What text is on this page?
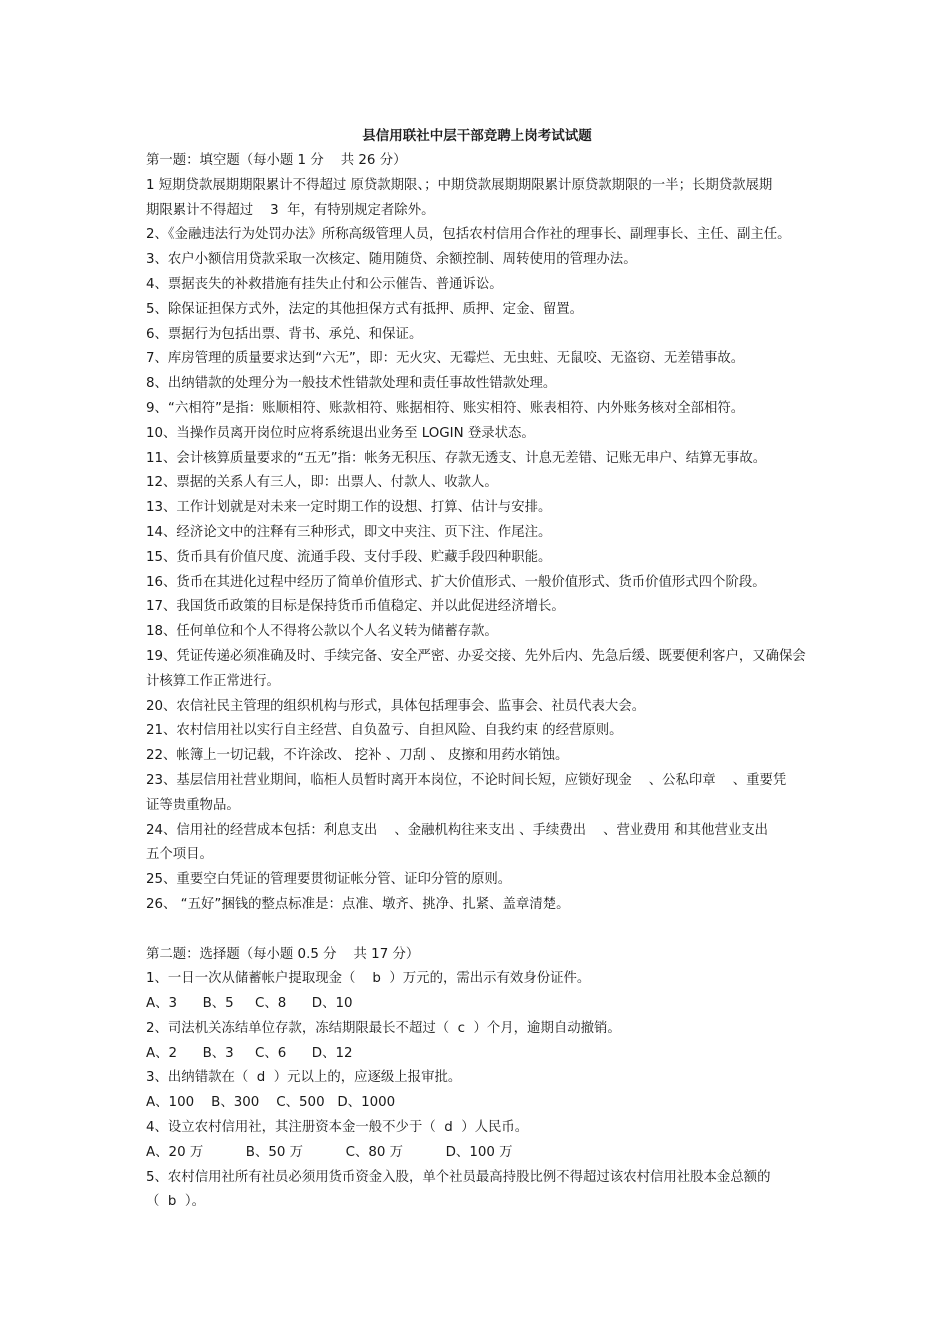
县信用联社中层干部竞聘上岗考试试题

第一题：填空题（每小题 1 分    共 26 分）

1 短期贷款展期期限累计不得超过 原贷款期限、；中期贷款展期期限累计原贷款期限的一半；长期贷款展期

期限累计不得超过    3  年，有特别规定者除外。

2、《金融违法行为处罚办法》所称高级管理人员，包括农村信用合作社的理事长、副理事长、主任、副主任。

3、农户小额信用贷款采取一次核定、随用随贷、余额控制、周转使用的管理办法。

4、票据丧失的补救措施有挂失止付和公示催告、普通诉讼。

5、除保证担保方式外，法定的其他担保方式有抵押、质押、定金、留置。

6、票据行为包括出票、背书、承兑、和保证。

7、库房管理的质量要求达到“六无”，即：无火灾、无霉烂、无虫蛀、无鼠咬、无盗窃、无差错事故。

8、出纳错款的处理分为一般技术性错款处理和责任事故性错款处理。

9、“六相符”是指：账顺相符、账款相符、账据相符、账实相符、账表相符、内外账务核对全部相符。

10、当操作员离开岗位时应将系统退出业务至 LOGIN 登录状态。

11、会计核算质量要求的“五无”指：帐务无积压、存款无透支、计息无差错、记账无串户、结算无事故。

12、票据的关系人有三人，即：出票人、付款人、收款人。

13、工作计划就是对未来一定时期工作的设想、打算、估计与安排。

14、经济论文中的注释有三种形式，即文中夹注、页下注、作尾注。

15、货币具有价值尺度、流通手段、支付手段、贮藏手段四种职能。

16、货币在其进化过程中经历了简单价值形式、扩大价值形式、一般价值形式、货币价值形式四个阶段。

17、我国货币政策的目标是保持货币币值稳定、并以此促进经济增长。

18、任何单位和个人不得将公款以个人名义转为储蓄存款。

19、凭证传递必须准确及时、手续完备、安全严密、办妥交接、先外后内、先急后缓、既要便利客户，又确保会

计核算工作正常进行。

20、农信社民主管理的组织机构与形式，具体包括理事会、监事会、社员代表大会。

21、农村信用社以实行自主经营、自负盈亏、自担风险、自我约束 的经营原则。

22、帐簿上一切记载，不许涂改、 挖补 、刀刮 、 皮擦和用药水销蚀。

23、基层信用社营业期间，临柜人员暂时离开本岗位，不论时间长短，应锁好现金    、公私印章    、重要凭

证等贵重物品。

24、信用社的经营成本包括：利息支出    、金融机构往来支出 、手续费出    、营业费用 和其他营业支出

五个项目。

25、重要空白凭证的管理要贯彻证帐分管、证印分管的原则。

26、 “五好”捆钱的整点标准是：点准、墩齐、挑净、扎紧、盖章清楚。

第二题：选择题（每小题 0.5 分    共 17 分）

1、一日一次从储蓄帐户提取现金（    b  ）万元的，需出示有效身份证件。

A、3      B、5     C、8      D、10

2、司法机关冻结单位存款，冻结期限最长不超过（  c  ）个月，逾期自动撤销。

A、2      B、3     C、6      D、12

3、出纳错款在（  d  ）元以上的，应逐级上报审批。

A、100    B、300    C、500   D、1000

4、设立农村信用社，其注册资本金一般不少于（  d  ）人民币。

A、20 万          B、50 万          C、80 万          D、100 万

5、农村信用社所有社员必须用货币资金入股，单个社员最高持股比例不得超过该农村信用社股本金总额的

（  b  ）。
